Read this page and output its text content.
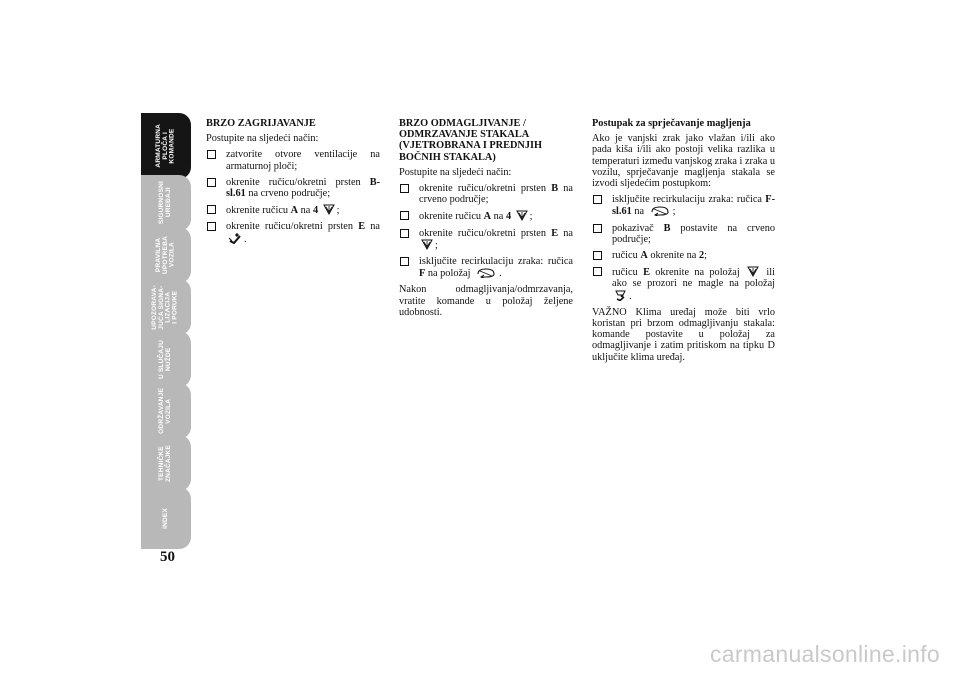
ARMATURNA
PLOČA I
KOMANDE
SIGURNOSNI
UREĐAJI
PRAVILNA
UPOTREBA
VOZILA
UPOZORAVA-
JUĆA SIGNA-
LIZACIJA
I PORUKE
U SLUČAJU
NUŽDE
ODRŽAVANJE
VOZILA
TEHNIČKE
ZNAČAJKE
INDEX
50
BRZO ZAGRIJAVANJE
Postupite na sljedeći način:
zatvorite otvore ventilacije na armaturnoj ploči;
okrenite ručicu/okretni prsten B-sl.61 na crveno područje;
okrenite ručicu A na 4 ;
okrenite ručicu/okretni prsten E na .
BRZO ODMAGLJIVANJE / ODMRZAVANJE STAKALA (VJETROBRANA I PREDNJIH BOČNIH STAKALA)
Postupite na sljedeći način:
okrenite ručicu/okretni prsten B na crveno područje;
okrenite ručicu A na 4 ;
okrenite ručicu/okretni prsten E na ;
isključite recirkulaciju zraka: ručica F na položaj	.
Nakon odmagljivanja/odmrzavanja, vratite komande u položaj željene udobnosti.
Postupak za sprječavanje magljenja
Ako je vanjski zrak jako vlažan i/ili ako pada kiša i/ili ako postoji velika razlika u temperaturi između vanjskog zraka i zraka u vozilu, sprječavanje magljenja stakala se izvodi sljedećim postupkom:
isključite recirkulaciju zraka: ručica F-sl.61 na	;
pokazivač B postavite na crveno područje;
ručicu A okrenite na 2;
ručicu E okrenite na položaj	ili ako se prozori ne magle na položaj .
VAŽNO Klima uređaj može biti vrlo koristan pri brzom odmagljivanju stakala: komande postavite u položaj za odmagljivanje i zatim pritiskom na tipku D uključite klima uređaj.
carmanualsonline.info
